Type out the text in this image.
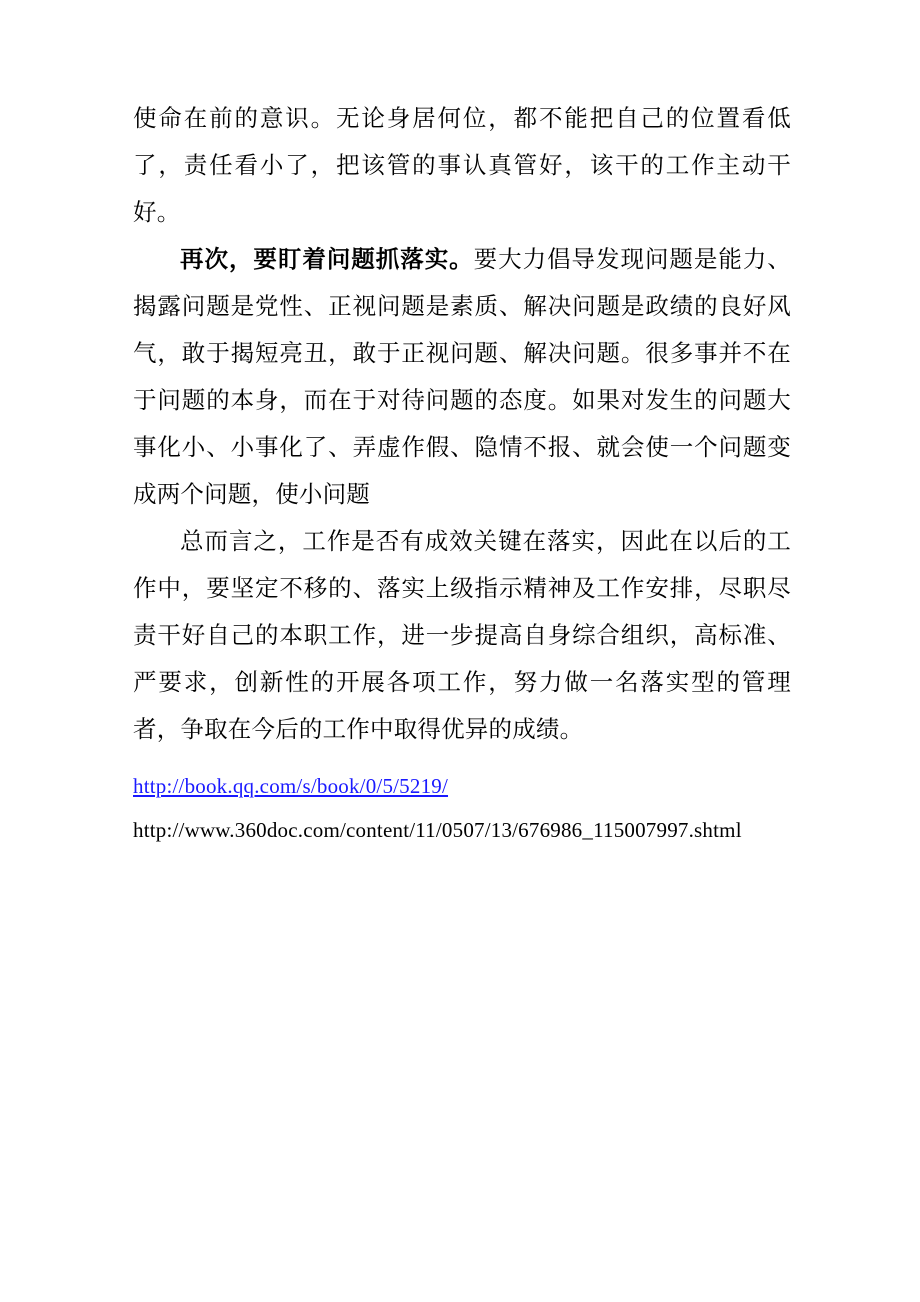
使命在前的意识。无论身居何位，都不能把自己的位置看低了，责任看小了，把该管的事认真管好，该干的工作主动干好。

再次，要盯着问题抓落实。要大力倡导发现问题是能力、揭露问题是党性、正视问题是素质、解决问题是政绩的良好风气，敢于揭短亮丑，敢于正视问题、解决问题。很多事并不在于问题的本身，而在于对待问题的态度。如果对发生的问题大事化小、小事化了、弄虚作假、隐情不报、就会使一个问题变成两个问题，使小问题

总而言之，工作是否有成效关键在落实，因此在以后的工作中，要坚定不移的、落实上级指示精神及工作安排，尽职尽责干好自己的本职工作，进一步提高自身综合组织，高标准、严要求，创新性的开展各项工作，努力做一名落实型的管理者，争取在今后的工作中取得优异的成绩。

http://book.qq.com/s/book/0/5/5219/

http://www.360doc.com/content/11/0507/13/676986_115007997.shtml
